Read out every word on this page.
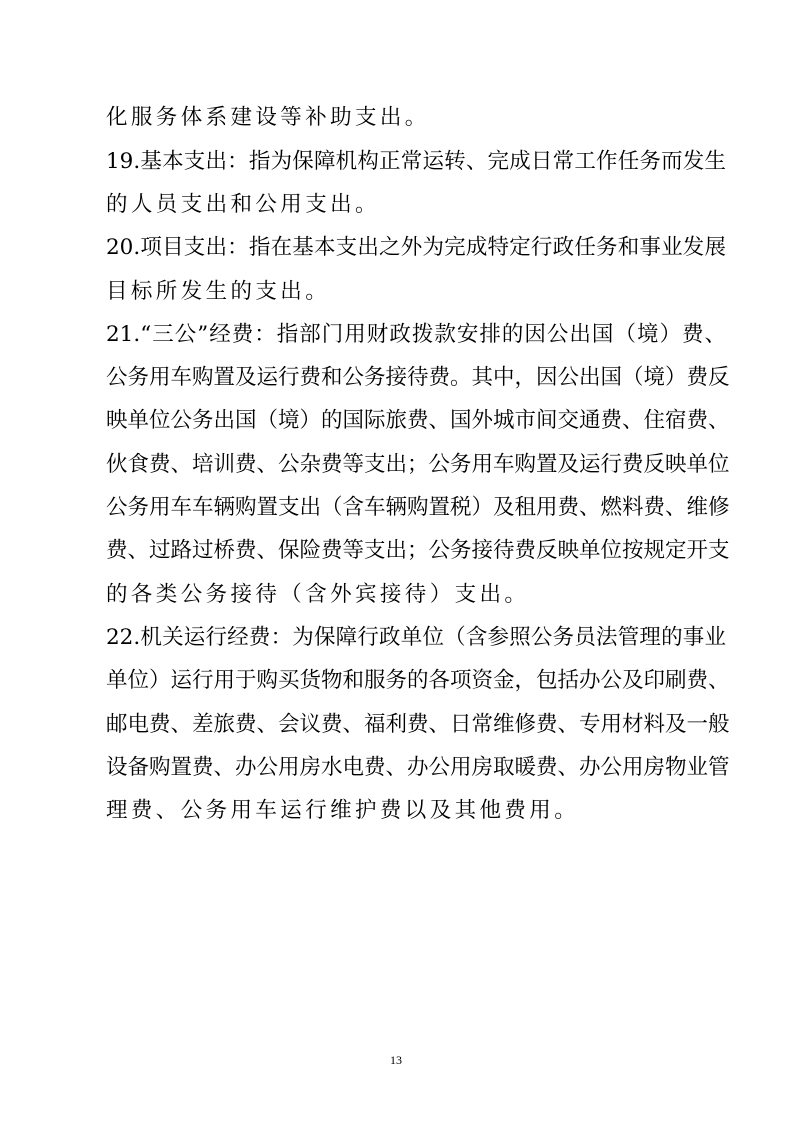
化服务体系建设等补助支出。
19.基本支出：指为保障机构正常运转、完成日常工作任务而发生
的人员支出和公用支出。
20.项目支出：指在基本支出之外为完成特定行政任务和事业发展
目标所发生的支出。
21.“三公”经费：指部门用财政拨款安排的因公出国（境）费、
公务用车购置及运行费和公务接待费。其中，因公出国（境）费反
映单位公务出国（境）的国际旅费、国外城市间交通费、住宿费、
伙食费、培训费、公杂费等支出；公务用车购置及运行费反映单位
公务用车车辆购置支出（含车辆购置税）及租用费、燃料费、维修
费、过路过桥费、保险费等支出；公务接待费反映单位按规定开支
的各类公务接待（含外宾接待）支出。
22.机关运行经费：为保障行政单位（含参照公务员法管理的事业
单位）运行用于购买货物和服务的各项资金，包括办公及印刷费、
邮电费、差旅费、会议费、福利费、日常维修费、专用材料及一般
设备购置费、办公用房水电费、办公用房取暖费、办公用房物业管
理费、公务用车运行维护费以及其他费用。
13
